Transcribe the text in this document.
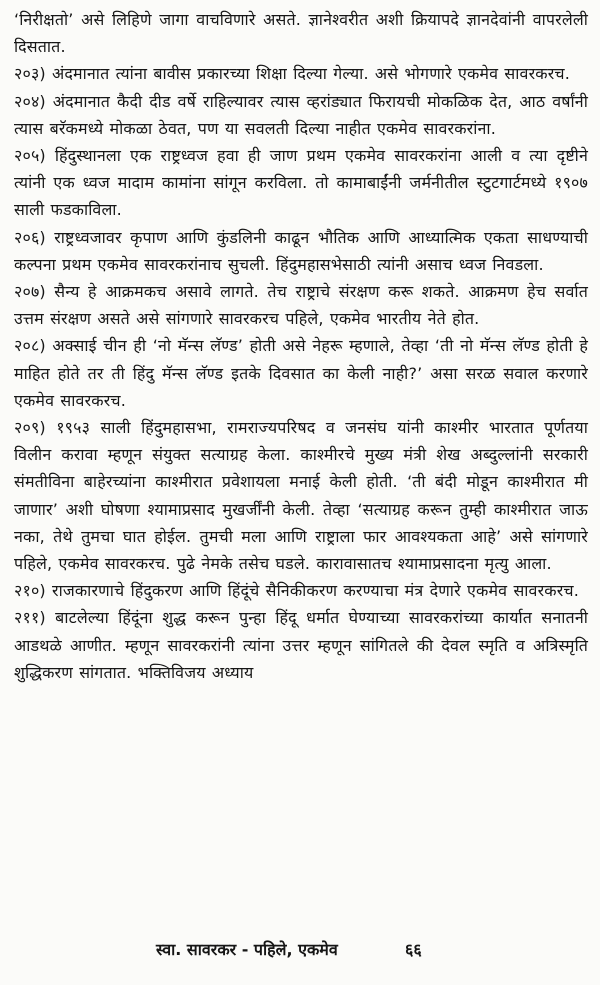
‘निरीक्षतो’ असे लिहिणे जागा वाचविणारे असते. ज्ञानेश्वरीत अशी क्रियापदे ज्ञानदेवांनी वापरलेली दिसतात.

२०३) अंदमानात त्यांना बावीस प्रकारच्या शिक्षा दिल्या गेल्या. असे भोगणारे एकमेव सावरकरच.

२०४) अंदमानात कैदी दीड वर्षे राहिल्यावर त्यास व्हरांड्यात फिरायची मोकळिक देत, आठ वर्षांनी त्यास बरॅकमध्ये मोकळा ठेवत, पण या सवलती दिल्या नाहीत एकमेव सावरकरांना.

२०५) हिंदुस्थानला एक राष्ट्रध्वज हवा ही जाण प्रथम एकमेव सावरकरांना आली व त्या दृष्टीने त्यांनी एक ध्वज मादाम कामांना सांगून करविला. तो कामाबाईंनी जर्मनीतील स्टुटगार्टमध्ये १९०७ साली फडकाविला.

२०६) राष्ट्रध्वजावर कृपाण आणि कुंडलिनी काढून भौतिक आणि आध्यात्मिक एकता साधण्याची कल्पना प्रथम एकमेव सावरकरांनाच सुचली. हिंदुमहासभेसाठी त्यांनी असाच ध्वज निवडला.

२०७) सैन्य हे आक्रमकच असावे लागते. तेच राष्ट्राचे संरक्षण करू शकते. आक्रमण हेच सर्वात उत्तम संरक्षण असते असे सांगणारे सावरकरच पहिले, एकमेव भारतीय नेते होत.

२०८) अक्साई चीन ही ‘नो मॅन्स लॅण्ड’ होती असे नेहरू म्हणाले, तेव्हा ‘ती नो मॅन्स लॅण्ड होती हे माहित होते तर ती हिंदु मॅन्स लॅण्ड इतके दिवसात का केली नाही?’ असा सरळ सवाल करणारे एकमेव सावरकरच.

२०९) १९५३ साली हिंदुमहासभा, रामराज्यपरिषद व जनसंघ यांनी काश्मीर भारतात पूर्णतया विलीन करावा म्हणून संयुक्त सत्याग्रह केला. काश्मीरचे मुख्य मंत्री शेख अब्दुल्लांनी सरकारी संमतीविना बाहेरच्यांना काश्मीरात प्रवेशायला मनाई केली होती. ‘ती बंदी मोडून काश्मीरात मी जाणार’ अशी घोषणा श्यामाप्रसाद मुखर्जींनी केली. तेव्हा ‘सत्याग्रह करून तुम्ही काश्मीरात जाऊ नका, तेथे तुमचा घात होईल. तुमची मला आणि राष्ट्राला फार आवश्यकता आहे’ असे सांगणारे पहिले, एकमेव सावरकरच. पुढे नेमके तसेच घडले. कारावासातच श्यामाप्रसादना मृत्यु आला.

२१०) राजकारणाचे हिंदुकरण आणि हिंदूंचे सैनिकीकरण करण्याचा मंत्र देणारे एकमेव सावरकरच.

२११) बाटलेल्या हिंदूंना शुद्ध करून पुन्हा हिंदू धर्मात घेण्याच्या सावरकरांच्या कार्यात सनातनी आडथळे आणीत. म्हणून सावरकरांनी त्यांना उत्तर म्हणून सांगितले की देवल स्मृति व अत्रिस्मृति शुद्धिकरण सांगतात. भक्तिविजय अध्याय

स्वा. सावरकर - पहिले, एकमेव	६६
